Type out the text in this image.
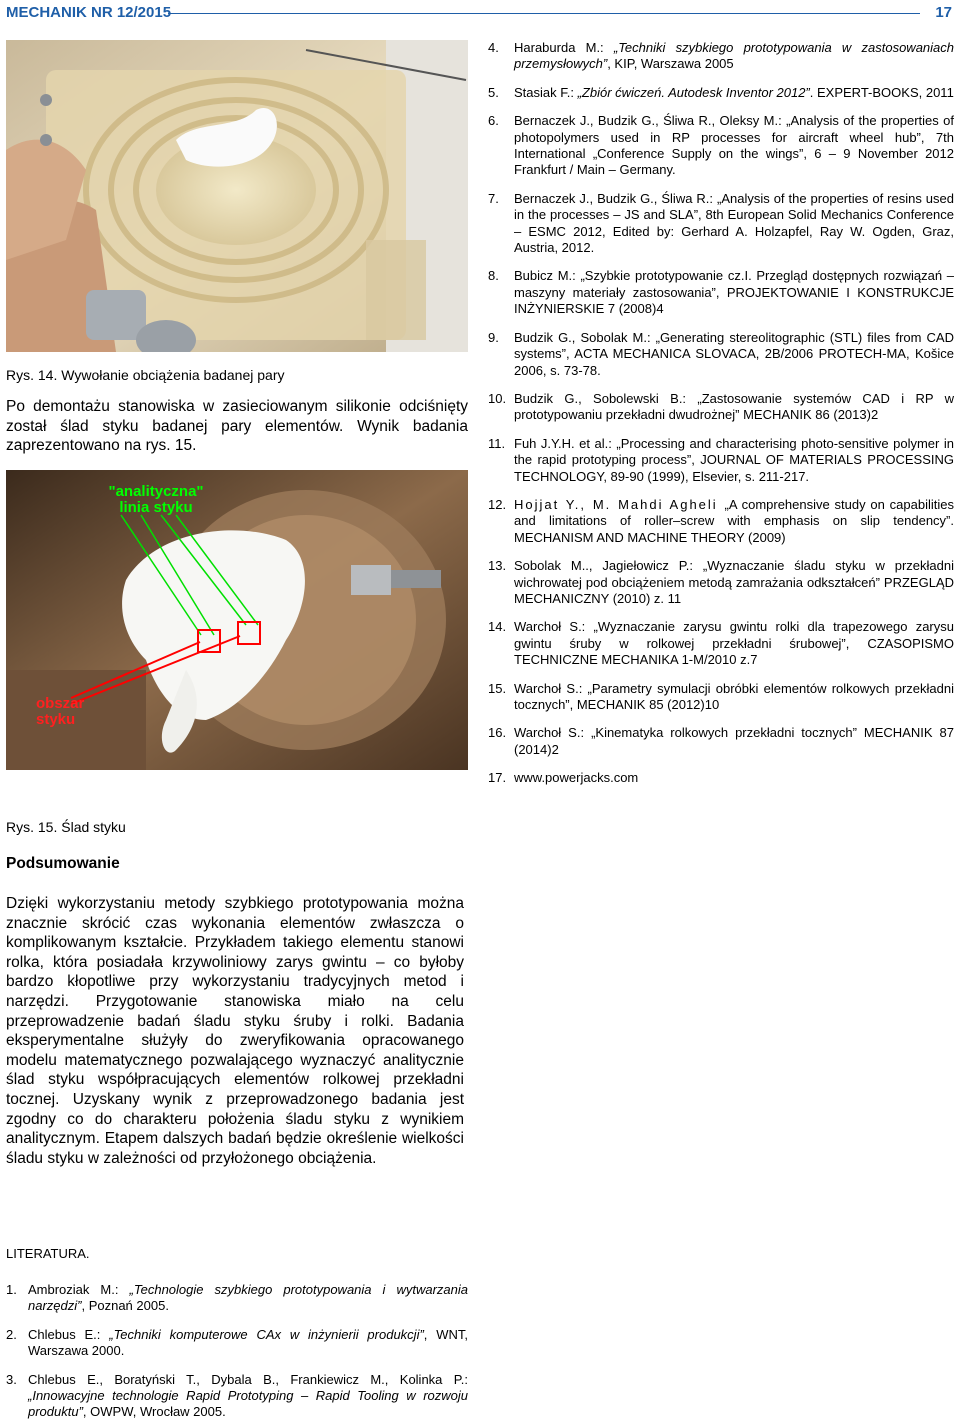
MECHANIK NR 12/2015	17
Rys. 14. Wywołanie obciążenia badanej pary
Po demontażu stanowiska w zasieciowanym silikonie odciśnięty został ślad styku badanej pary elementów. Wynik badania zaprezentowano na rys. 15.
"analityczna"
linia styku
obszar
styku
Rys. 15. Ślad styku
Podsumowanie
Dzięki wykorzystaniu metody szybkiego prototypowania można znacznie skrócić czas wykonania elementów zwłaszcza o komplikowanym kształcie. Przykładem takiego elementu stanowi rolka, która posiadała krzywoliniowy zarys gwintu – co byłoby bardzo kłopotliwe przy wykorzystaniu tradycyjnych metod i narzędzi. Przygotowanie stanowiska miało na celu przeprowadzenie badań śladu styku śruby i rolki. Badania eksperymentalne służyły do zweryfikowania opracowanego modelu matematycznego pozwalającego wyznaczyć analitycznie ślad styku współpracujących elementów rolkowej przekładni tocznej. Uzyskany wynik z przeprowadzonego badania jest zgodny co do charakteru położenia śladu styku z wynikiem analitycznym. Etapem dalszych badań będzie określenie wielkości śladu styku w zależności od przyłożonego obciążenia.
LITERATURA.
1. Ambroziak M.: „Technologie szybkiego prototypowania i wytwarzania narzędzi”, Poznań 2005.
2. Chlebus E.: „Techniki komputerowe CAx w inżynierii produkcji”, WNT, Warszawa 2000.
3. Chlebus E., Boratyński T., Dybala B., Frankiewicz M., Kolinka P.: „Innowacyjne technologie Rapid Prototyping – Rapid Tooling w rozwoju produktu”, OWPW, Wrocław 2005.
4.	Haraburda M.: „Techniki szybkiego prototypowania w zastosowaniach przemysłowych”, KIP, Warszawa 2005
5.	Stasiak F.: „Zbiór ćwiczeń. Autodesk Inventor 2012”. EXPERT-BOOKS, 2011
6.	Bernaczek J., Budzik G., Śliwa R., Oleksy M.: „Analysis of the properties of photopolymers used in RP processes for aircraft wheel hub”, 7th International „Conference Supply on the wings”, 6 – 9 November 2012 Frankfurt / Main – Germany.
7.	Bernaczek J., Budzik G., Śliwa R.: „Analysis of the properties of resins used in the processes – JS and SLA”, 8th European Solid Mechanics Conference – ESMC 2012, Edited by: Gerhard A. Holzapfel, Ray W. Ogden, Graz, Austria, 2012.
8.	Bubicz M.: „Szybkie prototypowanie cz.I. Przegląd dostępnych rozwiązań – maszyny materiały zastosowania”, PROJEKTOWANIE I KONSTRUKCJE INŻYNIERSKIE 7 (2008)4
9.	Budzik G., Sobolak M.: „Generating stereolitographic (STL) files from CAD systems”, ACTA MECHANICA SLOVACA, 2B/2006 PROTECH-MA, Košice 2006, s. 73-78.
10. Budzik G., Sobolewski B.: „Zastosowanie systemów CAD i RP w prototypowaniu przekładni dwudrożnej” MECHANIK 86 (2013)2
11. Fuh J.Y.H. et al.: „Processing and characterising photo-sensitive polymer in the rapid prototyping process”, JOURNAL OF MATERIALS PROCESSING TECHNOLOGY, 89-90 (1999), Elsevier, s. 211-217.
12. Hojjat Y., M. Mahdi Agheli „A comprehensive study on capabilities and limitations of roller–screw with emphasis on slip tendency”. MECHANISM AND MACHINE THEORY (2009)
13. Sobolak M.., Jagiełowicz P.: „Wyznaczanie śladu styku w przekładni wichrowatej pod obciążeniem metodą zamrażania odkształceń” PRZEGLĄD MECHANICZNY (2010) z. 11
14. Warchoł S.: „Wyznaczanie zarysu gwintu rolki dla trapezowego zarysu gwintu śruby w rolkowej przekładni śrubowej”, CZASOPISMO TECHNICZNE MECHANIKA 1-M/2010 z.7
15. Warchoł S.: „Parametry symulacji obróbki elementów rolkowych przekładni tocznych”, MECHANIK 85 (2012)10
16. Warchoł S.: „Kinematyka rolkowych przekładni tocznych” MECHANIK 87 (2014)2
17. www.powerjacks.com
